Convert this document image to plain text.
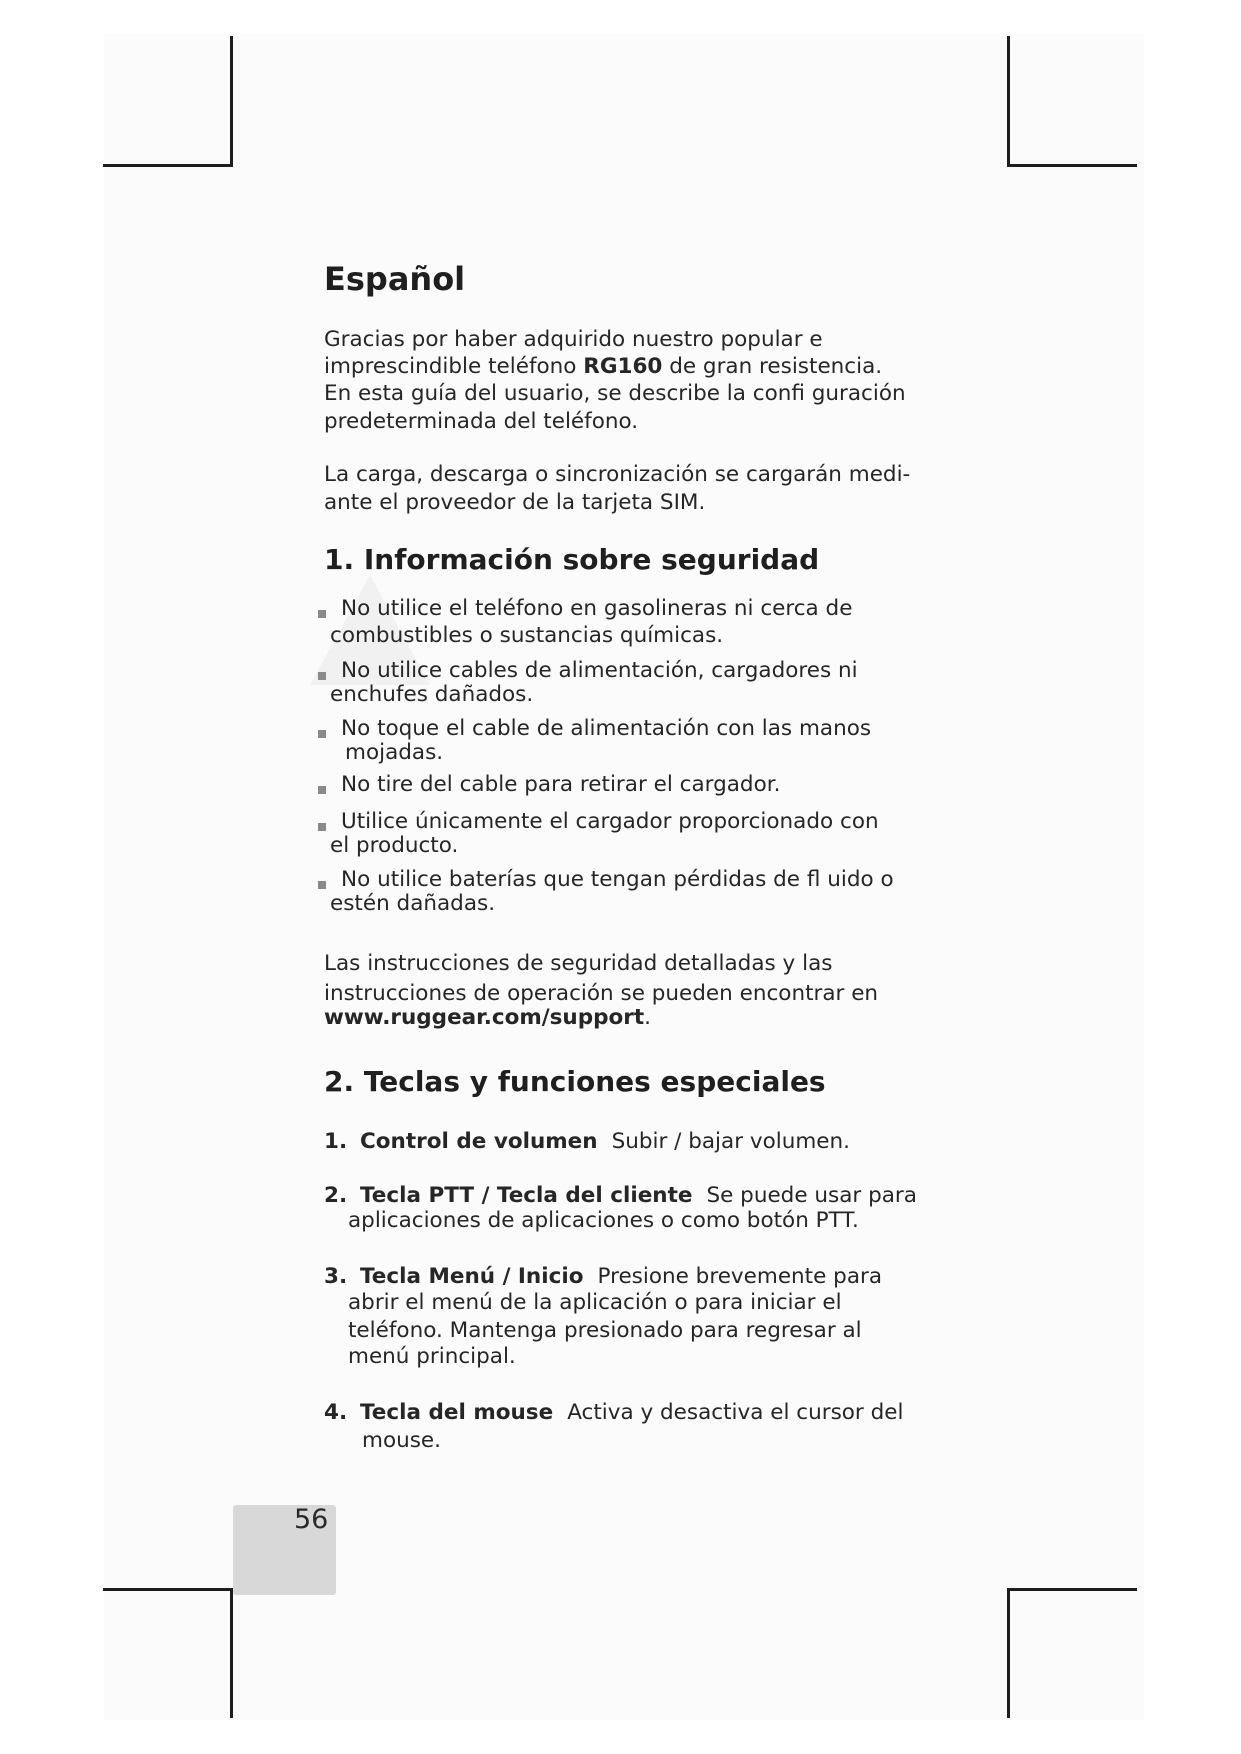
Español
Gracias por haber adquirido nuestro popular e
imprescindible teléfono RG160 de gran resistencia.
En esta guía del usuario, se describe la confi guración
predeterminada del teléfono.
La carga, descarga o sincronización se cargarán medi-
ante el proveedor de la tarjeta SIM.
1. Información sobre seguridad
No utilice el teléfono en gasolineras ni cerca de
combustibles o sustancias químicas.
No utilice cables de alimentación, cargadores ni
enchufes dañados.
No toque el cable de alimentación con las manos
mojadas.
No tire del cable para retirar el cargador.
Utilice únicamente el cargador proporcionado con
el producto.
No utilice baterías que tengan pérdidas de fl uido o
estén dañadas.
Las instrucciones de seguridad detalladas y las
instrucciones de operación se pueden encontrar en
www.ruggear.com/support.
2. Teclas y funciones especiales
1. Control de volumen Subir / bajar volumen.
2. Tecla PTT / Tecla del cliente Se puede usar para
aplicaciones de aplicaciones o como botón PTT.
3. Tecla Menú / Inicio Presione brevemente para
abrir el menú de la aplicación o para iniciar el
teléfono. Mantenga presionado para regresar al
menú principal.
4. Tecla del mouse Activa y desactiva el cursor del
mouse.
56
